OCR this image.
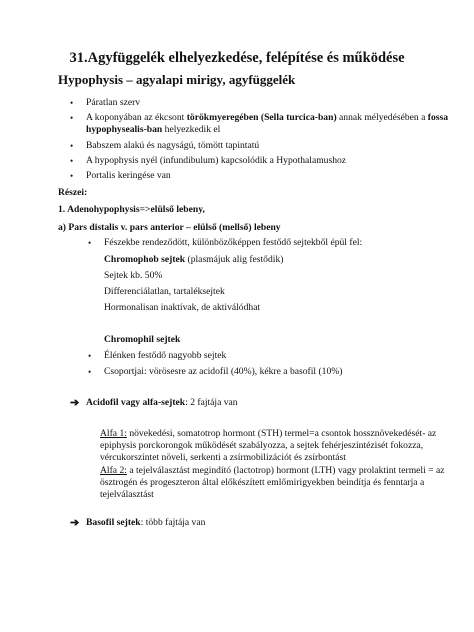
31.Agyfüggelék elhelyezkedése, felépítése és működése
Hypophysis – agyalapi mirigy, agyfüggelék
• Páratlan szerv
• A koponyában az ékcsont törökmyeregében (Sella turcica-ban) annak mélyedésében a fossa
hypophysealis-ban helyezkedik el
• Babszem alakú és nagyságú, tömött tapintatú
• A hypophysis nyél (infundibulum) kapcsolódik a Hypothalamushoz
• Portalis keringése van
Részei:
1. Adenohypophysis=>elülső lebeny,
a) Pars distalis v. pars anterior – elülső (mellső) lebeny
• Fészekbe rendeződött, különbözőképpen festődő sejtekből épül fel:
Chromophob sejtek (plasmájuk alig festődik)
Sejtek kb. 50%
Differenciálatlan, tartaléksejtek
Hormonalisan inaktívak, de aktiválódhat
Chromophil sejtek
• Élénken festődő nagyobb sejtek
• Csoportjai: vörösesre az acidofil (40%), kékre a basofil (10%)
➔ Acidofil vagy alfa-sejtek: 2 fajtája van
Alfa 1: növekedési, somatotrop hormont (STH) termel=a csontok hossznövekedését- az
epiphysis porckorongok működését szabályozza, a sejtek fehérjeszintézisét fokozza,
vércukorszintet növeli, serkenti a zsírmobilizációt és zsírbontást
Alfa 2: a tejelválasztást megindító (lactotrop) hormont (LTH) vagy prolaktint termeli = az
ösztrogén és progeszteron által előkészített emlőmirigyekben beindítja és fenntarja a
tejelválasztást
➔ Basofil sejtek: több fajtája van
